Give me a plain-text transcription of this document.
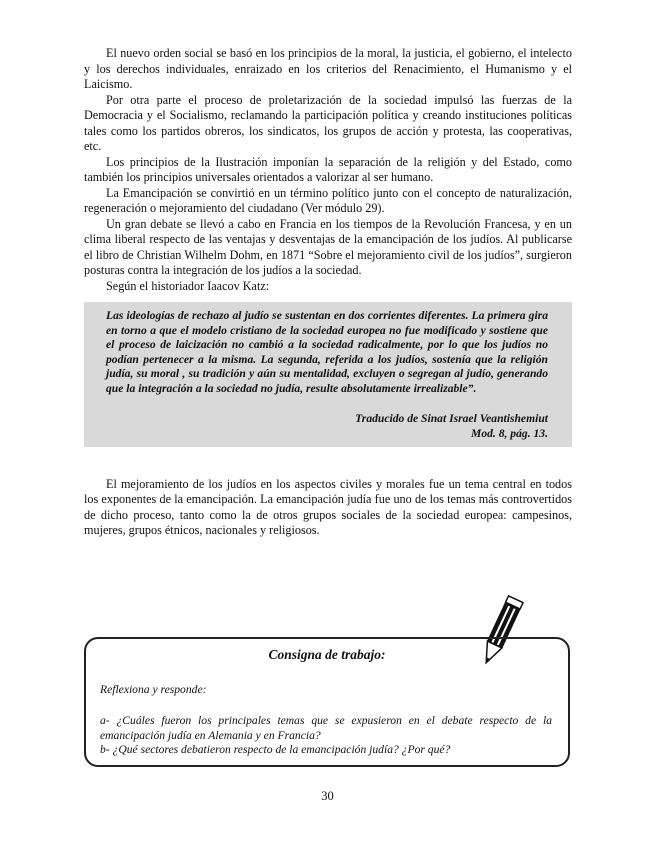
El nuevo orden social se basó en los principios de la moral, la justicia, el gobierno, el intelecto y los derechos individuales, enraizado en los criterios del Renacimiento, el Humanismo y el Laicismo.

Por otra parte el proceso de proletarización de la sociedad impulsó las fuerzas de la Democracia y el Socialismo, reclamando la participación política y creando instituciones políticas tales como los partidos obreros, los sindicatos, los grupos de acción y protesta, las cooperativas, etc.

Los principios de la Ilustración imponían la separación de la religión y del Estado, como también los principios universales orientados a valorizar al ser humano.

La Emancipación se convirtió en un término político junto con el concepto de naturalización, regeneración o mejoramiento del ciudadano (Ver módulo 29).

Un gran debate se llevó a cabo en Francia en los tiempos de la Revolución Francesa, y en un clima liberal respecto de las ventajas y desventajas de la emancipación de los judíos. Al publicarse el libro de Christian Wilhelm Dohm, en 1871 “Sobre el mejoramiento civil de los judíos”, surgieron posturas contra la integración de los judíos a la sociedad.

Según el historiador Iaacov Katz:

Las ideologías de rechazo al judío se sustentan en dos corrientes diferentes. La primera gira en torno a que el modelo cristiano de la sociedad europea no fue modificado y sostiene que el proceso de laicización no cambió a la sociedad radicalmente, por lo que los judíos no podían pertenecer a la misma. La segunda, referida a los judíos, sostenía que la religión judía, su moral , su tradición y aún su mentalidad, excluyen o segregan al judío, generando que la integración a la sociedad no judía, resulte absolutamente irrealizable”.

Traducido de Sinat Israel Veantishemiut
Mod. 8, pág. 13.

El mejoramiento de los judíos en los aspectos civiles y morales fue un tema central en todos los exponentes de la emancipación. La emancipación judía fue uno de los temas más controvertidos de dicho proceso, tanto como la de otros grupos sociales de la sociedad europea: campesinos, mujeres, grupos étnicos, nacionales y religiosos.

Consigna de trabajo:
Reflexiona y responde:
a- ¿Cuáles fueron los principales temas que se expusieron en el debate respecto de la emancipación judía en Alemania y en Francia?
b- ¿Qué sectores debatieron respecto de la emancipación judía? ¿Por qué?
30
